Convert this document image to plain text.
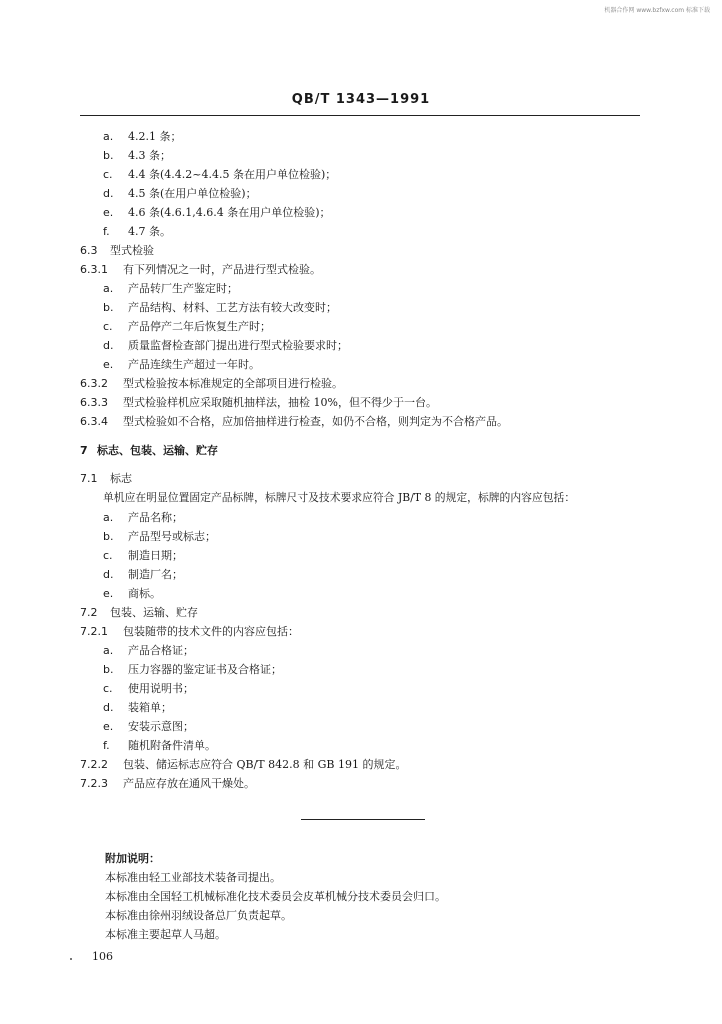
机器合作网 www.bzfxw.com 标准下载
QB/T 1343—1991
a. 4.2.1 条；
b. 4.3 条；
c. 4.4 条(4.4.2~4.4.5 条在用户单位检验)；
d. 4.5 条(在用户单位检验)；
e. 4.6 条(4.6.1,4.6.4 条在用户单位检验)；
f. 4.7 条。
6.3 型式检验
6.3.1 有下列情况之一时，产品进行型式检验。
a. 产品转厂生产鉴定时；
b. 产品结构、材料、工艺方法有较大改变时；
c. 产品停产二年后恢复生产时；
d. 质量监督检查部门提出进行型式检验要求时；
e. 产品连续生产超过一年时。
6.3.2 型式检验按本标准规定的全部项目进行检验。
6.3.3 型式检验样机应采取随机抽样法，抽检 10%，但不得少于一台。
6.3.4 型式检验如不合格，应加倍抽样进行检查，如仍不合格，则判定为不合格产品。
7 标志、包装、运输、贮存
7.1 标志
单机应在明显位置固定产品标牌，标牌尺寸及技术要求应符合 JB/T 8 的规定，标牌的内容应包括：
a. 产品名称；
b. 产品型号或标志；
c. 制造日期；
d. 制造厂名；
e. 商标。
7.2 包装、运输、贮存
7.2.1 包装随带的技术文件的内容应包括：
a. 产品合格证；
b. 压力容器的鉴定证书及合格证；
c. 使用说明书；
d. 装箱单；
e. 安装示意图；
f. 随机附备件清单。
7.2.2 包装、储运标志应符合 QB/T 842.8 和 GB 191 的规定。
7.2.3 产品应存放在通风干燥处。
附加说明：
本标准由轻工业部技术装备司提出。
本标准由全国轻工机械标准化技术委员会皮革机械分技术委员会归口。
本标准由徐州羽绒设备总厂负责起草。
本标准主要起草人马超。
106
